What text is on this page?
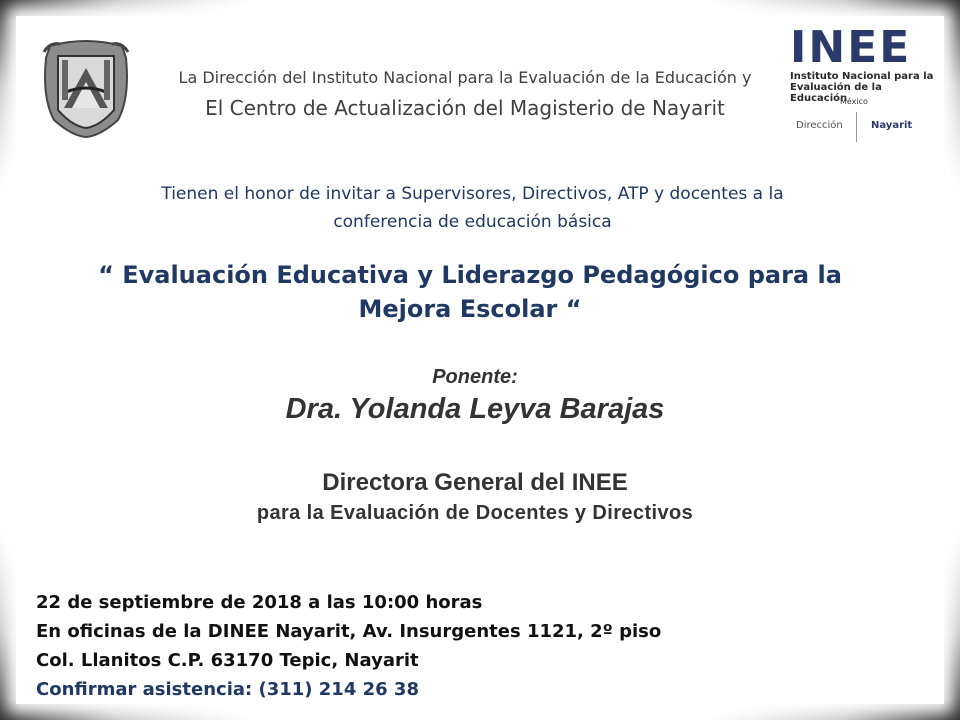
La Dirección del Instituto Nacional para la Evaluación de la Educación y
El Centro de Actualización del Magisterio de Nayarit
INEE
Instituto Nacional para la
Evaluación de la Educación
México
Dirección	Nayarit
Tienen el honor de invitar a Supervisores, Directivos, ATP y docentes a la
conferencia de educación básica
“ Evaluación Educativa y Liderazgo Pedagógico para la
Mejora Escolar “
Ponente:
Dra. Yolanda Leyva Barajas
Directora General del INEE
para la Evaluación de Docentes y Directivos
22 de septiembre de 2018 a las 10:00 horas
En oficinas de la DINEE Nayarit, Av. Insurgentes 1121, 2º piso
Col. Llanitos C.P. 63170 Tepic, Nayarit
Confirmar asistencia: (311) 214 26 38
